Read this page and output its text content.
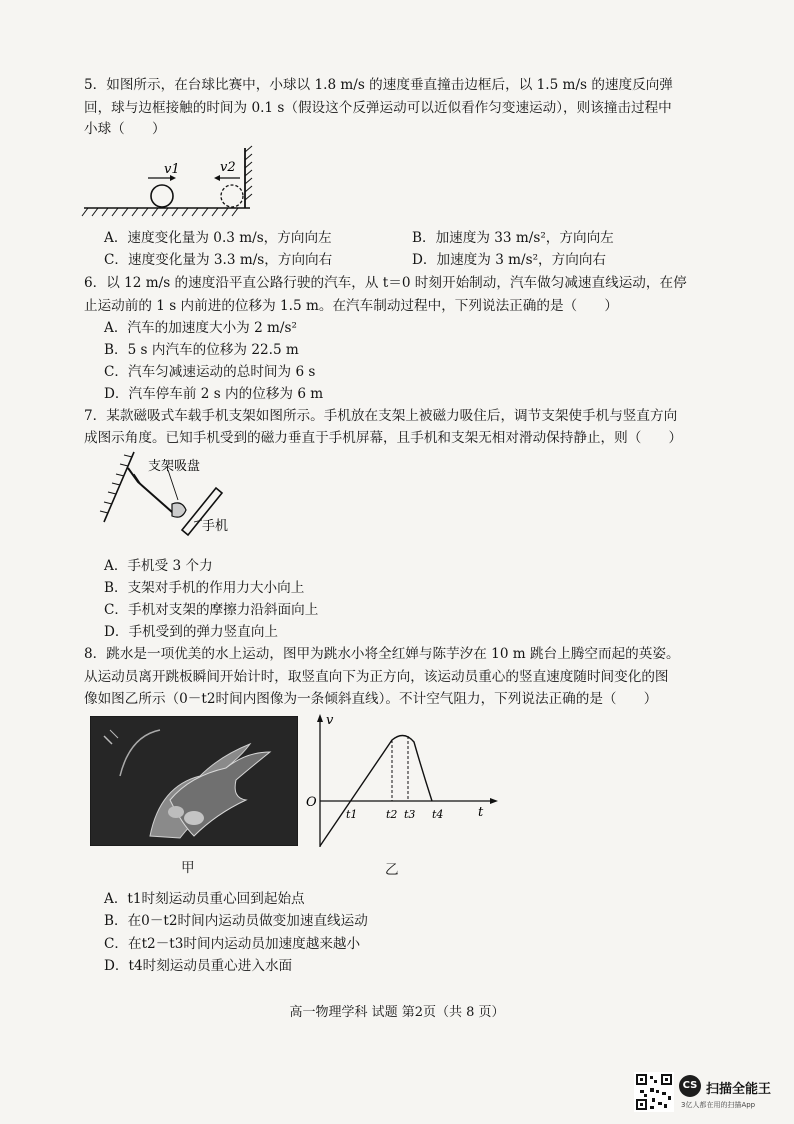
5．如图所示，在台球比赛中，小球以 1.8 m/s 的速度垂直撞击边框后，以 1.5 m/s 的速度反向弹
回，球与边框接触的时间为 0.1 s（假设这个反弹运动可以近似看作匀变速运动），则该撞击过程中
小球（　　）
v1	v2
A．速度变化量为 0.3 m/s，方向向左	B．加速度为 33 m/s²，方向向左
C．速度变化量为 3.3 m/s，方向向右	D．加速度为 3 m/s²，方向向右
6．以 12 m/s 的速度沿平直公路行驶的汽车，从 t＝0 时刻开始制动，汽车做匀减速直线运动，在停
止运动前的 1 s 内前进的位移为 1.5 m。在汽车制动过程中，下列说法正确的是（　　）
A．汽车的加速度大小为 2 m/s²
B．5 s 内汽车的位移为 22.5 m
C．汽车匀减速运动的总时间为 6 s
D．汽车停车前 2 s 内的位移为 6 m
7．某款磁吸式车载手机支架如图所示。手机放在支架上被磁力吸住后，调节支架使手机与竖直方向
成图示角度。已知手机受到的磁力垂直于手机屏幕，且手机和支架无相对滑动保持静止，则（　　）
支架吸盘
手机
A．手机受 3 个力
B．支架对手机的作用力大小向上
C．手机对支架的摩擦力沿斜面向上
D．手机受到的弹力竖直向上
8．跳水是一项优美的水上运动，图甲为跳水小将全红婵与陈芋汐在 10 m 跳台上腾空而起的英姿。
从运动员离开跳板瞬间开始计时，取竖直向下为正方向，该运动员重心的竖直速度随时间变化的图
像如图乙所示（0－t2时间内图像为一条倾斜直线）。不计空气阻力，下列说法正确的是（　　）
甲
v
t
O
t1	t2 t3 t4
乙
A．t1时刻运动员重心回到起始点
B．在0－t2时间内运动员做变加速直线运动
C．在t2－t3时间内运动员加速度越来越小
D．t4时刻运动员重心进入水面
高一物理学科 试题 第2页（共 8 页）
CS 扫描全能王
3亿人都在用的扫描App
